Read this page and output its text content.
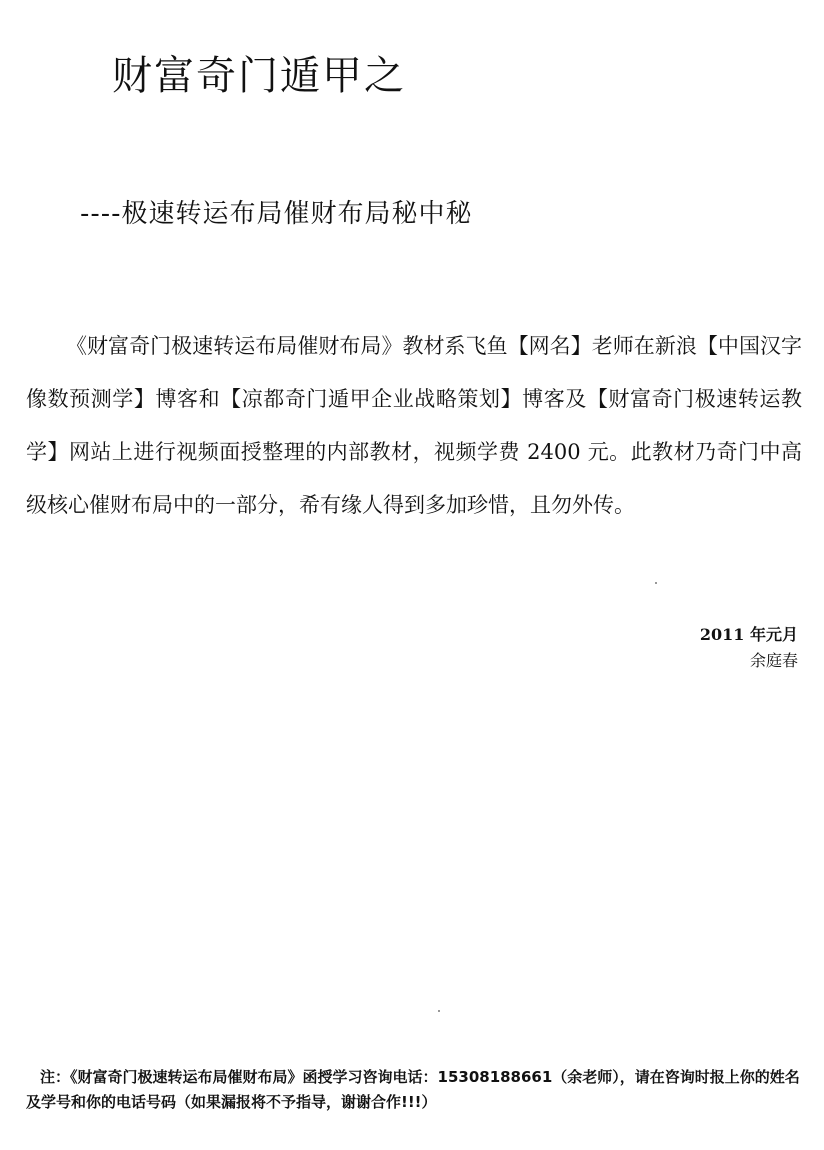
财富奇门遁甲之
----极速转运布局催财布局秘中秘

《财富奇门极速转运布局催财布局》教材系飞鱼【网名】老师在新浪【中国汉字像数预测学】博客和【凉都奇门遁甲企业战略策划】博客及【财富奇门极速转运教学】网站上进行视频面授整理的内部教材，视频学费 2400 元。此教材乃奇门中高级核心催财布局中的一部分，希有缘人得到多加珍惜，且勿外传。

2011 年元月
余庭春

注：《财富奇门极速转运布局催财布局》函授学习咨询电话：15308188661（余老师），请在咨询时报上你的姓名及学号和你的电话号码（如果漏报将不予指导，谢谢合作!!!）
